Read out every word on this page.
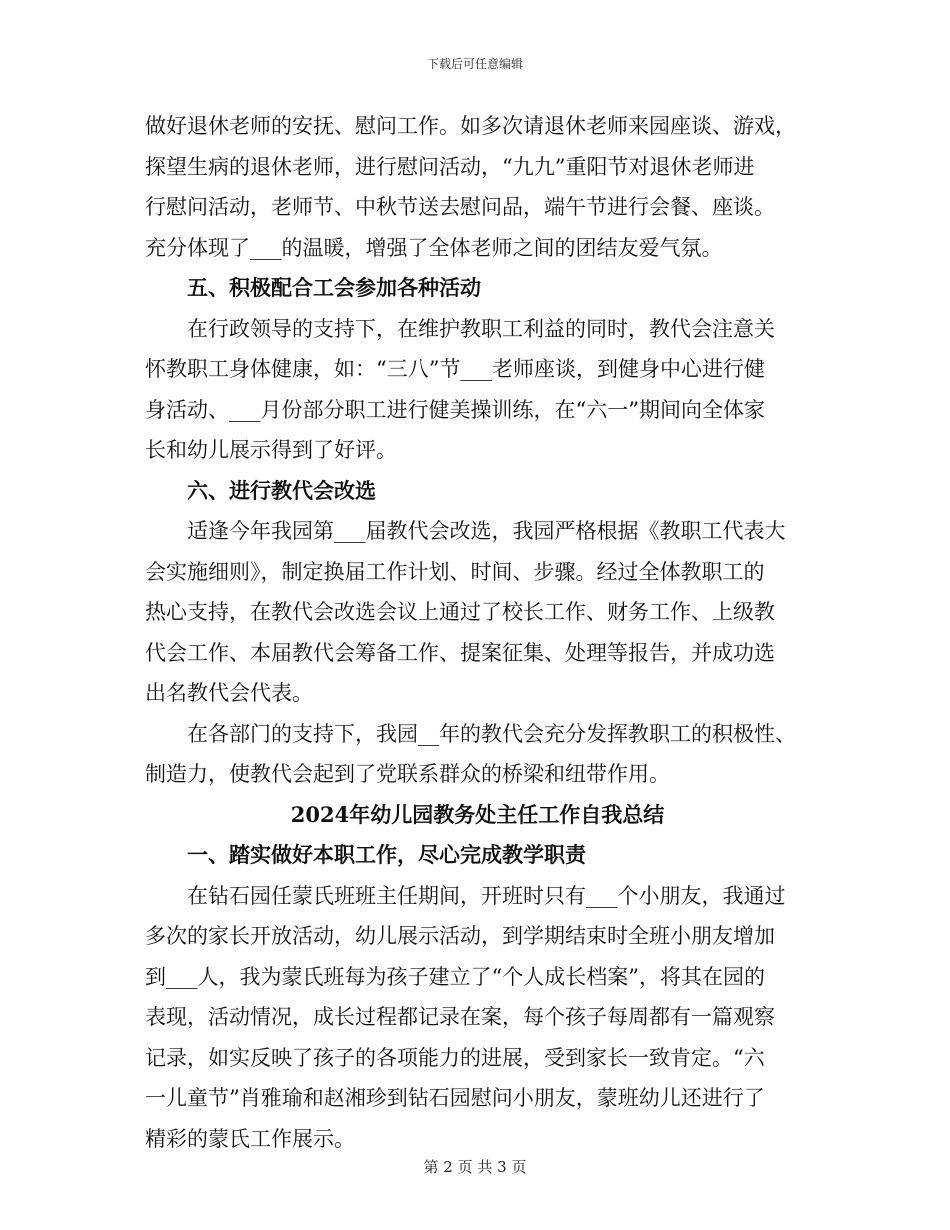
下载后可任意编辑
做好退休老师的安抚、慰问工作。如多次请退休老师来园座谈、游戏，
探望生病的退休老师，进行慰问活动，“九九”重阳节对退休老师进
行慰问活动，老师节、中秋节送去慰问品，端午节进行会餐、座谈。
充分体现了___的温暖，增强了全体老师之间的团结友爱气氛。
五、积极配合工会参加各种活动
在行政领导的支持下，在维护教职工利益的同时，教代会注意关
怀教职工身体健康，如：“三八”节___老师座谈，到健身中心进行健
身活动、___月份部分职工进行健美操训练，在“六一”期间向全体家
长和幼儿展示得到了好评。
六、进行教代会改选
适逢今年我园第___届教代会改选，我园严格根据《教职工代表大
会实施细则》，制定换届工作计划、时间、步骤。经过全体教职工的
热心支持，在教代会改选会议上通过了校长工作、财务工作、上级教
代会工作、本届教代会筹备工作、提案征集、处理等报告，并成功选
出名教代会代表。
在各部门的支持下，我园__年的教代会充分发挥教职工的积极性、
制造力，使教代会起到了党联系群众的桥梁和纽带作用。
2024年幼儿园教务处主任工作自我总结
一、踏实做好本职工作，尽心完成教学职责
在钻石园任蒙氏班班主任期间，开班时只有___个小朋友，我通过
多次的家长开放活动，幼儿展示活动，到学期结束时全班小朋友增加
到___人，我为蒙氏班每为孩子建立了“个人成长档案”，将其在园的
表现，活动情况，成长过程都记录在案，每个孩子每周都有一篇观察
记录，如实反映了孩子的各项能力的进展，受到家长一致肯定。“六
一儿童节”肖雅瑜和赵湘珍到钻石园慰问小朋友，蒙班幼儿还进行了
精彩的蒙氏工作展示。
第 2 页 共 3 页
